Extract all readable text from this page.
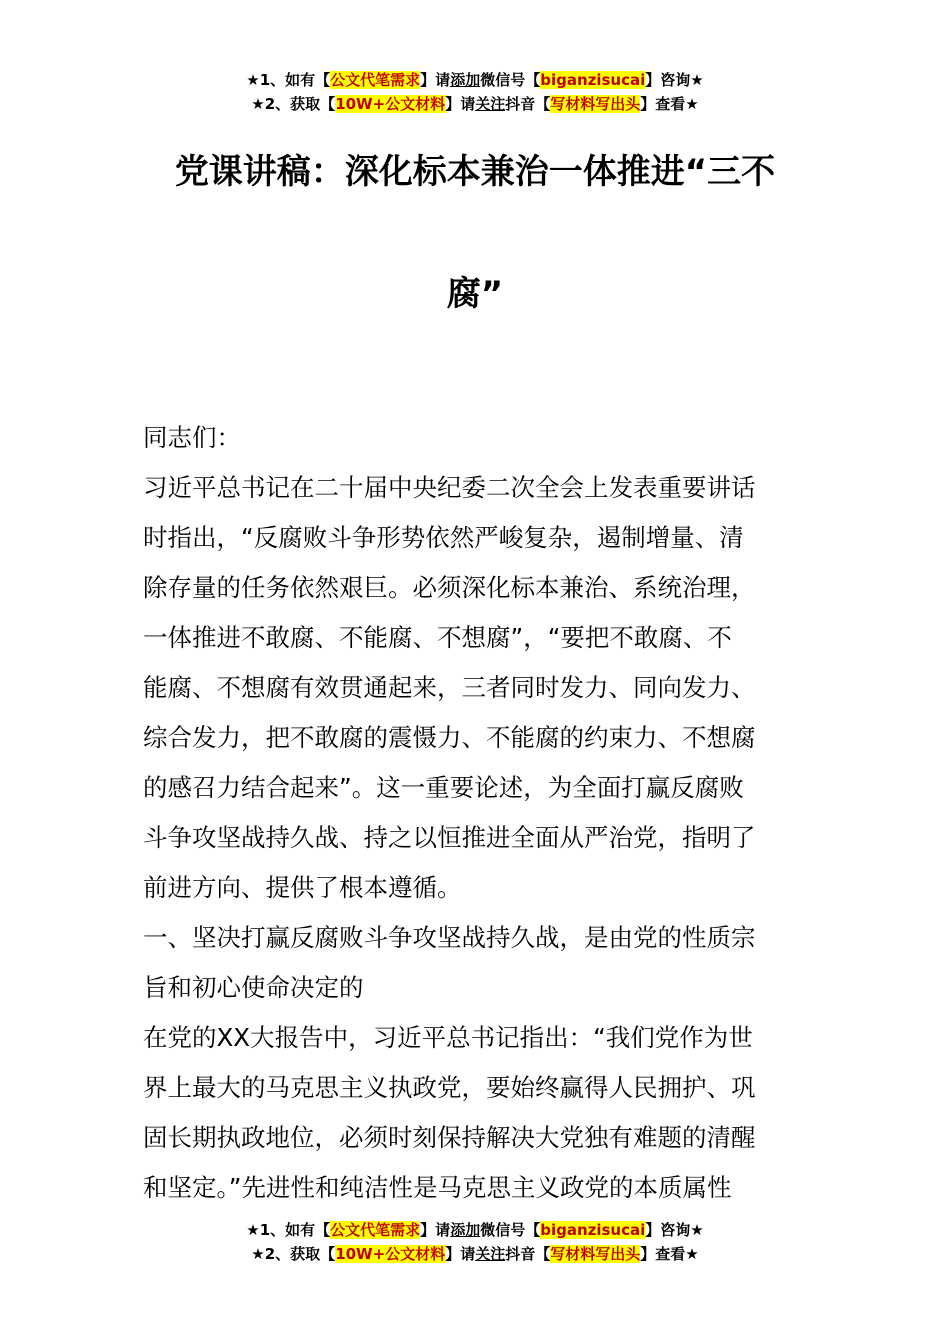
★1、如有【公文代笔需求】请添加微信号【biganzisucai】咨询★
★2、获取【10W+公文材料】请关注抖音【写材料写出头】查看★
党课讲稿：深化标本兼治一体推进“三不
腐”
同志们：
习近平总书记在二十届中央纪委二次全会上发表重要讲话
时指出，“反腐败斗争形势依然严峻复杂，遏制增量、清
除存量的任务依然艰巨。必须深化标本兼治、系统治理，
一体推进不敢腐、不能腐、不想腐”，“要把不敢腐、不
能腐、不想腐有效贯通起来，三者同时发力、同向发力、
综合发力，把不敢腐的震慑力、不能腐的约束力、不想腐
的感召力结合起来”。这一重要论述，为全面打赢反腐败
斗争攻坚战持久战、持之以恒推进全面从严治党，指明了
前进方向、提供了根本遵循。
一、坚决打赢反腐败斗争攻坚战持久战，是由党的性质宗
旨和初心使命决定的
在党的XX大报告中，习近平总书记指出：“我们党作为世
界上最大的马克思主义执政党，要始终赢得人民拥护、巩
固长期执政地位，必须时刻保持解决大党独有难题的清醒
和坚定。”先进性和纯洁性是马克思主义政党的本质属性
★1、如有【公文代笔需求】请添加微信号【biganzisucai】咨询★
★2、获取【10W+公文材料】请关注抖音【写材料写出头】查看★
